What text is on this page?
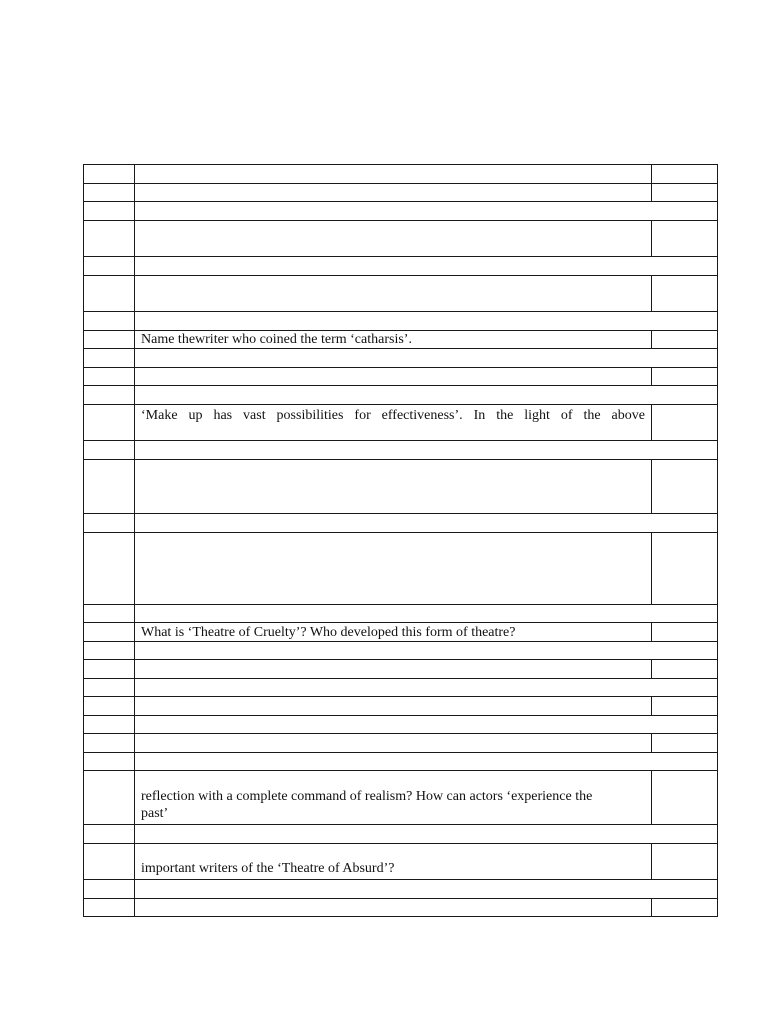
	Name thewriter who coined the term ‘catharsis’.	

	‘Make up has vast possibilities for effectiveness’. In the light of the above	

	What is ‘Theatre of Cruelty’? Who developed this form of theatre?	

	reflection with a complete command of realism? How can actors ‘experience the
past’	

	important writers of the ‘Theatre of Absurd’?	
